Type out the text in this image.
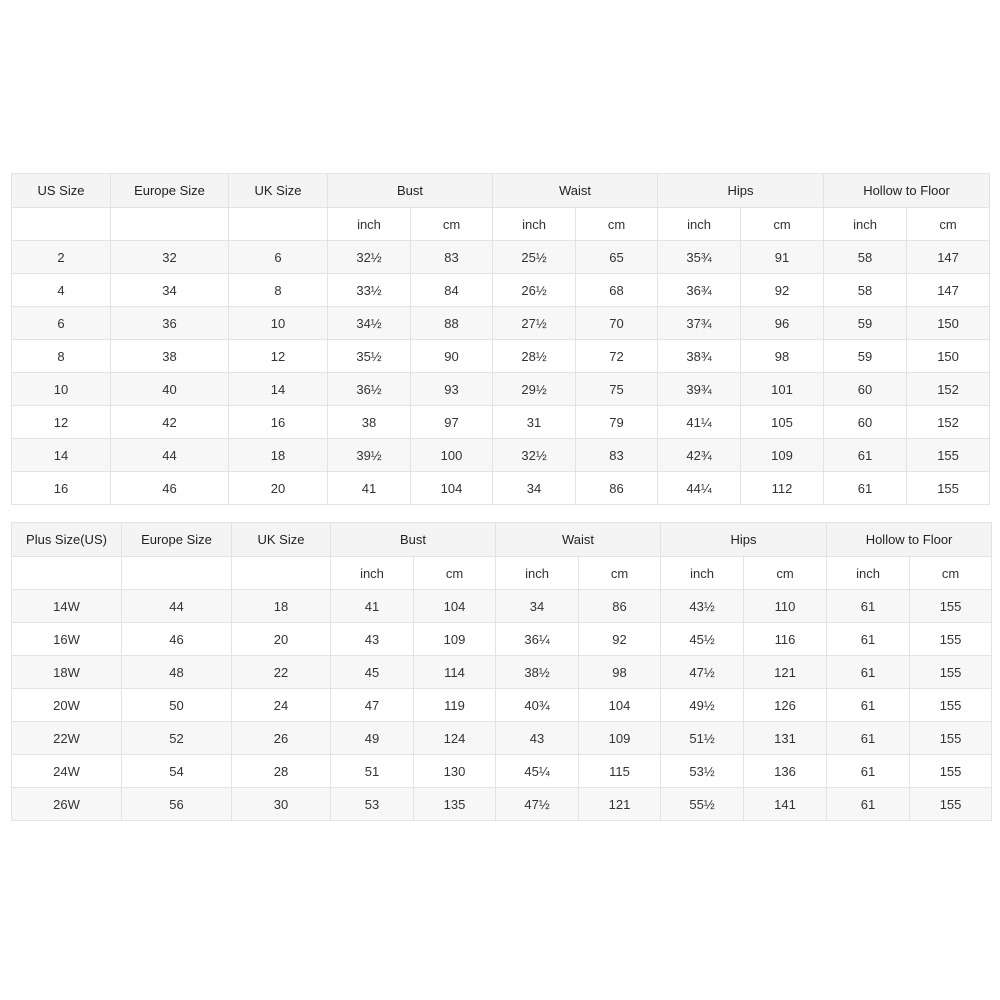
US Size	Europe Size	UK Size	Bust		Waist		Hips		Hollow to Floor	
			inch	cm	inch	cm	inch	cm	inch	cm
2	32	6	32½	83	25½	65	35¾	91	58	147
4	34	8	33½	84	26½	68	36¾	92	58	147
6	36	10	34½	88	27½	70	37¾	96	59	150
8	38	12	35½	90	28½	72	38¾	98	59	150
10	40	14	36½	93	29½	75	39¾	101	60	152
12	42	16	38	97	31	79	41¼	105	60	152
14	44	18	39½	100	32½	83	42¾	109	61	155
16	46	20	41	104	34	86	44¼	112	61	155
Plus Size(US)	Europe Size	UK Size	Bust		Waist		Hips		Hollow to Floor	
			inch	cm	inch	cm	inch	cm	inch	cm
14W	44	18	41	104	34	86	43½	110	61	155
16W	46	20	43	109	36¼	92	45½	116	61	155
18W	48	22	45	114	38½	98	47½	121	61	155
20W	50	24	47	119	40¾	104	49½	126	61	155
22W	52	26	49	124	43	109	51½	131	61	155
24W	54	28	51	130	45¼	115	53½	136	61	155
26W	56	30	53	135	47½	121	55½	141	61	155
